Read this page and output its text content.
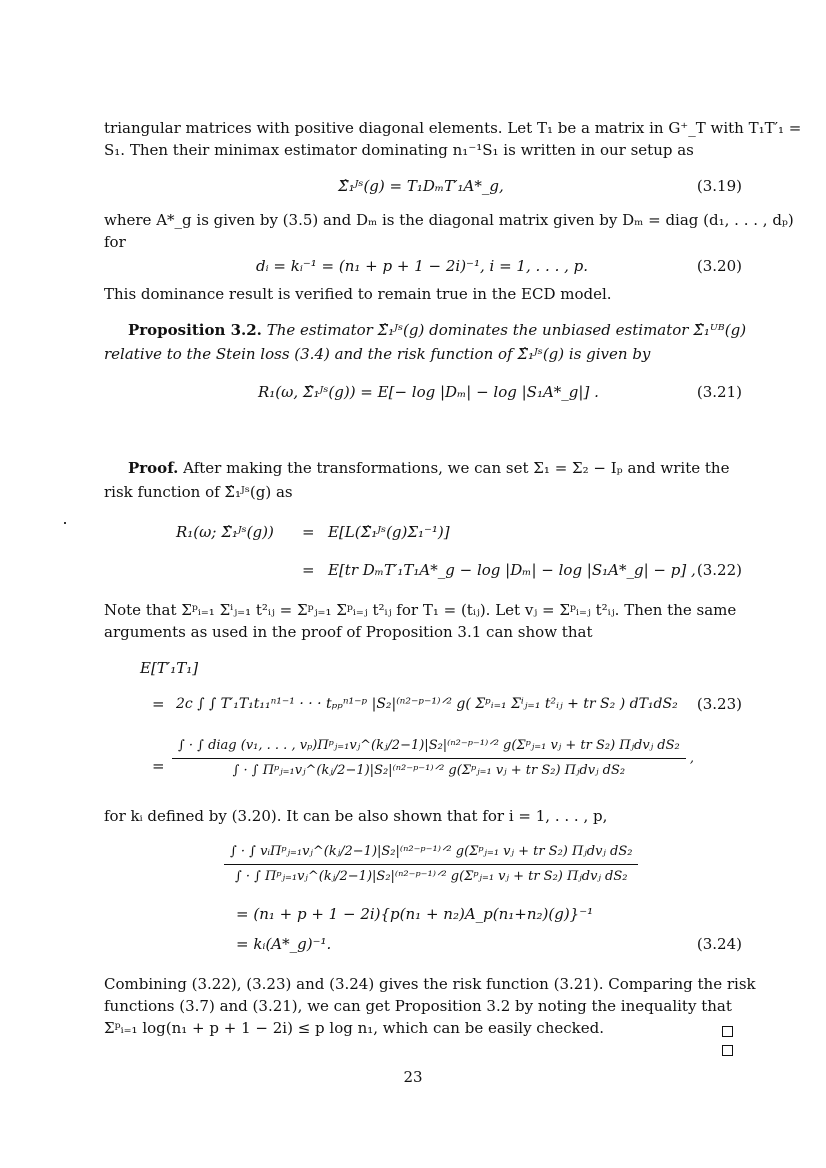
triangular matrices with positive diagonal elements. Let T₁ be a matrix in G⁺_T with T₁T′₁ =
S₁. Then their minimax estimator dominating n₁⁻¹S₁ is written in our setup as
Σ̂₁ᴶˢ(g) = T₁DₘT′₁A*_g,	(3.19)
where A*_g is given by (3.5) and Dₘ is the diagonal matrix given by Dₘ = diag (d₁, . . . , dₚ)
for
dᵢ = kᵢ⁻¹ = (n₁ + p + 1 − 2i)⁻¹, i = 1, . . . , p.	(3.20)
This dominance result is verified to remain true in the ECD model.
Proposition 3.2. The estimator Σ̂₁ᴶˢ(g) dominates the unbiased estimator Σ̂₁ᵁᴮ(g)
relative to the Stein loss (3.4) and the risk function of Σ̂₁ᴶˢ(g) is given by
R₁(ω, Σ̂₁ᴶˢ(g)) = E[− log |Dₘ| − log |S₁A*_g|] .	(3.21)
Proof. After making the transformations, we can set Σ₁ = Σ₂ − Iₚ and write the
risk function of Σ̂₁ᴶˢ(g) as
R₁(ω; Σ̂₁ᴶˢ(g)) = E[L(Σ̂₁ᴶˢ(g)Σ₁⁻¹)]
= E[tr DₘT′₁T₁A*_g − log |Dₘ| − log |S₁A*_g| − p] , (3.22)
Note that Σᵖᵢ₌₁ Σⁱⱼ₌₁ t²ᵢⱼ = Σᵖⱼ₌₁ Σᵖᵢ₌ⱼ t²ᵢⱼ for T₁ = (tᵢⱼ). Let vⱼ = Σᵖᵢ₌ⱼ t²ᵢⱼ. Then the same
arguments as used in the proof of Proposition 3.1 can show that
E[T′₁T₁]
= 2c ∫ ∫ T′₁T₁t₁₁ⁿ¹⁻¹ · · · tₚₚⁿ¹⁻ᵖ |S₂|⁽ⁿ²⁻ᵖ⁻¹⁾ᐟ² g( Σᵖᵢ₌₁ Σⁱⱼ₌₁ t²ᵢⱼ + tr S₂ ) dT₁dS₂ (3.23)
=
∫ · ∫ diag (v₁, . . . , vₚ)Πᵖⱼ₌₁vⱼ^(kⱼ/2−1)|S₂|⁽ⁿ²⁻ᵖ⁻¹⁾ᐟ² g(Σᵖⱼ₌₁ vⱼ + tr S₂) Πⱼdvⱼ dS₂
∫ · ∫ Πᵖⱼ₌₁vⱼ^(kⱼ/2−1)|S₂|⁽ⁿ²⁻ᵖ⁻¹⁾ᐟ² g(Σᵖⱼ₌₁ vⱼ + tr S₂) Πⱼdvⱼ dS₂
,
for kᵢ defined by (3.20). It can be also shown that for i = 1, . . . , p,
∫ · ∫ vᵢΠᵖⱼ₌₁vⱼ^(kⱼ/2−1)|S₂|⁽ⁿ²⁻ᵖ⁻¹⁾ᐟ² g(Σᵖⱼ₌₁ vⱼ + tr S₂) Πⱼdvⱼ dS₂
∫ · ∫ Πᵖⱼ₌₁vⱼ^(kⱼ/2−1)|S₂|⁽ⁿ²⁻ᵖ⁻¹⁾ᐟ² g(Σᵖⱼ₌₁ vⱼ + tr S₂) Πⱼdvⱼ dS₂
= (n₁ + p + 1 − 2i){p(n₁ + n₂)A_p(n₁+n₂)(g)}⁻¹
= kᵢ(A*_g)⁻¹.	(3.24)
Combining (3.22), (3.23) and (3.24) gives the risk function (3.21). Comparing the risk
functions (3.7) and (3.21), we can get Proposition 3.2 by noting the inequality that
Σᵖᵢ₌₁ log(n₁ + p + 1 − 2i) ≤ p log n₁, which can be easily checked.
23
